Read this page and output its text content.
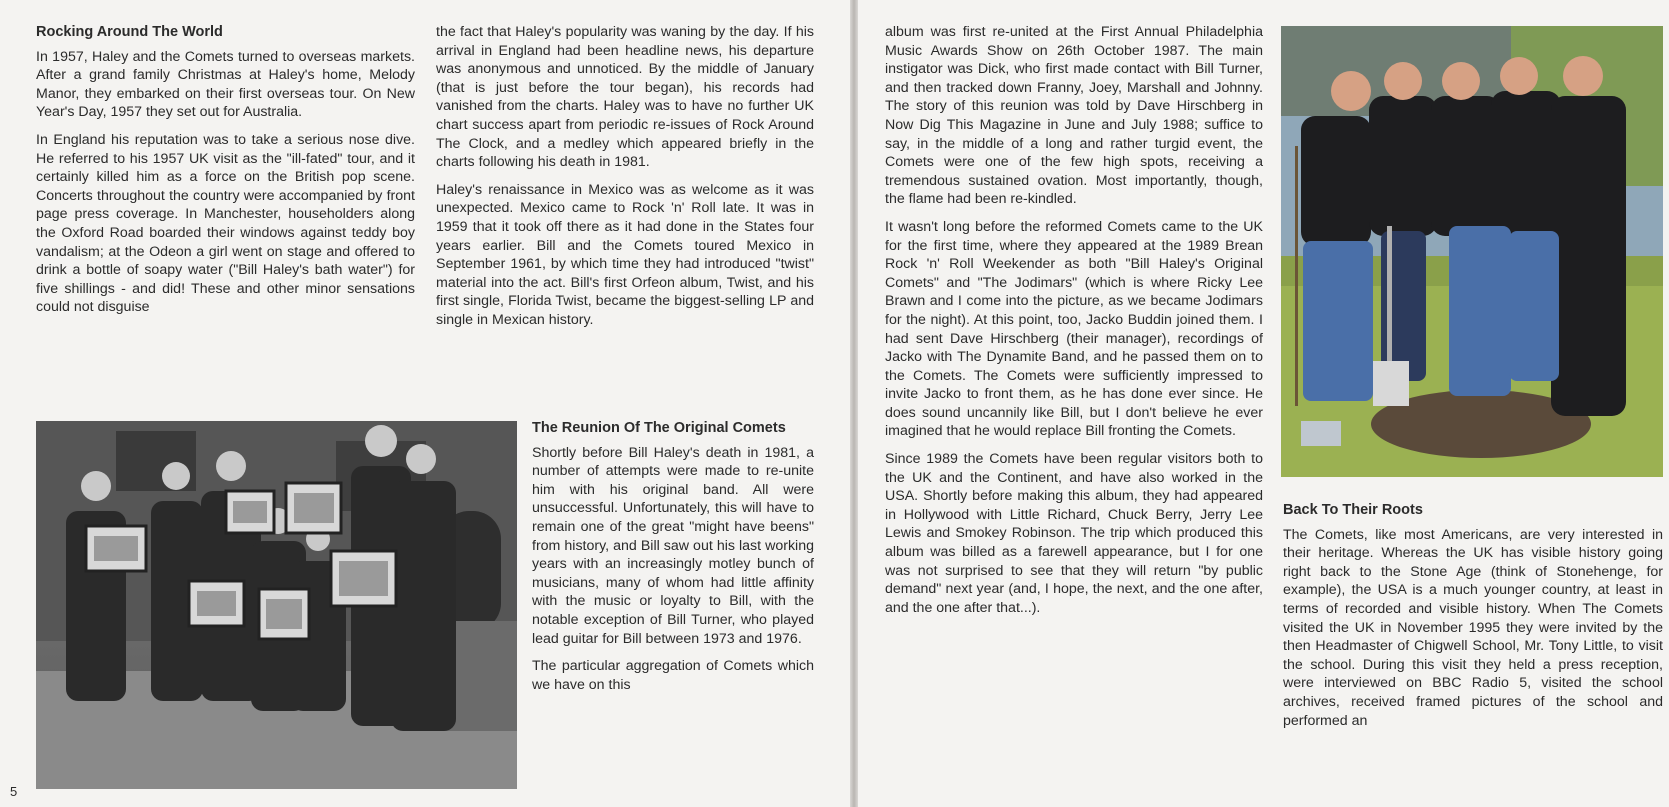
Rocking Around The World

In 1957, Haley and the Comets turned to overseas markets. After a grand family Christmas at Haley's home, Melody Manor, they embarked on their first overseas tour. On New Year's Day, 1957 they set out for Australia.

In England his reputation was to take a serious nose dive. He referred to his 1957 UK visit as the "ill-fated" tour, and it certainly killed him as a force on the British pop scene. Concerts throughout the country were accompanied by front page press coverage. In Manchester, householders along the Oxford Road boarded their windows against teddy boy vandalism; at the Odeon a girl went on stage and offered to drink a bottle of soapy water ("Bill Haley's bath water") for five shillings - and did! These and other minor sensations could not disguise

the fact that Haley's popularity was waning by the day. If his arrival in England had been headline news, his departure was anonymous and unnoticed. By the middle of January (that is just before the tour began), his records had vanished from the charts. Haley was to have no further UK chart success apart from periodic re-issues of Rock Around The Clock, and a medley which appeared briefly in the charts following his death in 1981.

Haley's renaissance in Mexico was as welcome as it was unexpected. Mexico came to Rock 'n' Roll late. It was in 1959 that it took off there as it had done in the States four years earlier. Bill and the Comets toured Mexico in September 1961, by which time they had introduced "twist" material into the act. Bill's first Orfeon album, Twist, and his first single, Florida Twist, became the biggest-selling LP and single in Mexican history.

The Reunion Of The Original Comets

Shortly before Bill Haley's death in 1981, a number of attempts were made to re-unite him with his original band. All were unsuccessful. Unfortunately, this will have to remain one of the great "might have beens" from history, and Bill saw out his last working years with an increasingly motley bunch of musicians, many of whom had little affinity with the music or loyalty to Bill, with the notable exception of Bill Turner, who played lead guitar for Bill between 1973 and 1976.

The particular aggregation of Comets which we have on this

5

album was first re-united at the First Annual Philadelphia Music Awards Show on 26th October 1987. The main instigator was Dick, who first made contact with Bill Turner, and then tracked down Franny, Joey, Marshall and Johnny. The story of this reunion was told by Dave Hirschberg in Now Dig This Magazine in June and July 1988; suffice to say, in the middle of a long and rather turgid event, the Comets were one of the few high spots, receiving a tremendous sustained ovation. Most importantly, though, the flame had been re-kindled.

It wasn't long before the reformed Comets came to the UK for the first time, where they appeared at the 1989 Brean Rock 'n' Roll Weekender as both "Bill Haley's Original Comets" and "The Jodimars" (which is where Ricky Lee Brawn and I come into the picture, as we became Jodimars for the night). At this point, too, Jacko Buddin joined them. I had sent Dave Hirschberg (their manager), recordings of Jacko with The Dynamite Band, and he passed them on to the Comets. The Comets were sufficiently impressed to invite Jacko to front them, as he has done ever since. He does sound uncannily like Bill, but I don't believe he ever imagined that he would replace Bill fronting the Comets.

Since 1989 the Comets have been regular visitors both to the UK and the Continent, and have also worked in the USA. Shortly before making this album, they had appeared in Hollywood with Little Richard, Chuck Berry, Jerry Lee Lewis and Smokey Robinson. The trip which produced this album was billed as a farewell appearance, but I for one was not surprised to see that they will return "by public demand" next year (and, I hope, the next, and the one after, and the one after that...).

Back To Their Roots

The Comets, like most Americans, are very interested in their heritage. Whereas the UK has visible history going right back to the Stone Age (think of Stonehenge, for example), the USA is a much younger country, at least in terms of recorded and visible history. When The Comets visited the UK in November 1995 they were invited by the then Headmaster of Chigwell School, Mr. Tony Little, to visit the school. During this visit they held a press reception, were interviewed on BBC Radio 5, visited the school archives, received framed pictures of the school and performed an
